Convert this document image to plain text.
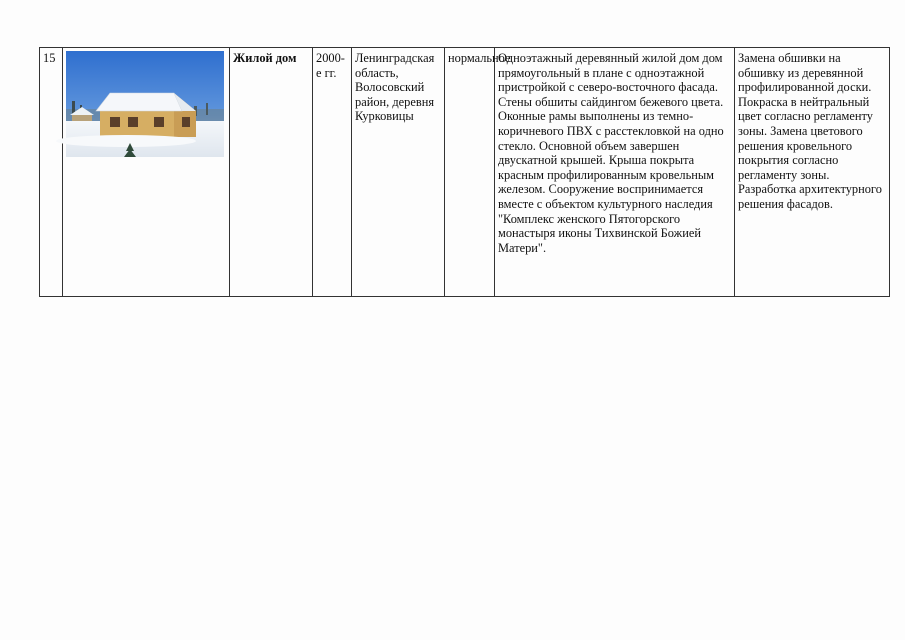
15		Жилой дом	2000-е гг.	Ленинградская область, Волосовский район, деревня Курковицы	нормальное	Одноэтажный деревянный жилой дом дом прямоугольный в плане с одноэтажной пристройкой с северо-восточного фасада. Стены обшиты сайдингом бежевого цвета. Оконные рамы выполнены из темно-коричневого ПВХ с расстекловкой на одно стекло. Основной объем завершен двускатной крышей. Крыша покрыта красным профилированным кровельным железом. Сооружение воспринимается вместе с объектом культурного наследия "Комплекс женского Пятогорского монастыря иконы Тихвинской Божией Матери".	Замена обшивки на обшивку из деревянной профилированной доски. Покраска в нейтральный цвет согласно регламенту зоны. Замена цветового решения кровельного покрытия согласно регламенту зоны. Разработка архитектурного решения фасадов.
